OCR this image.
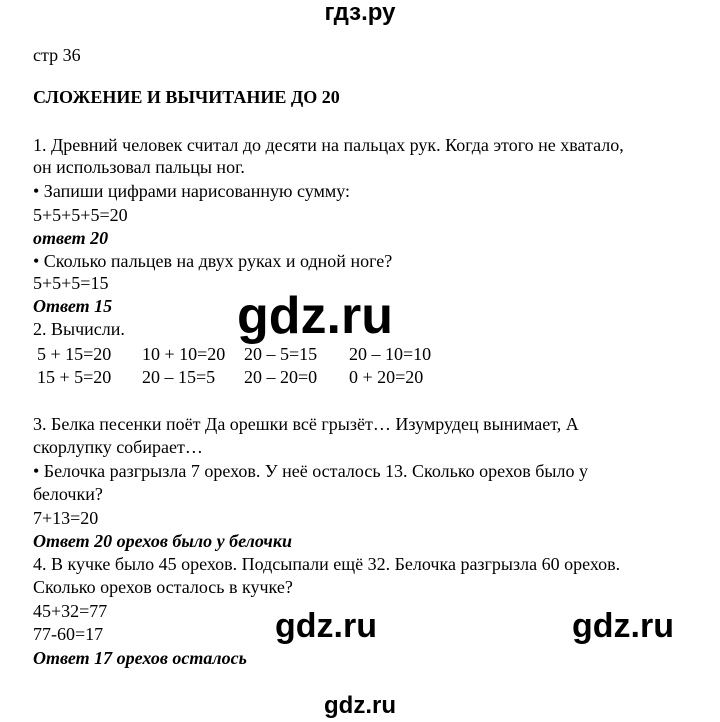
гдз.ру
стр 36
СЛОЖЕНИЕ И ВЫЧИТАНИЕ ДО 20
1. Древний человек считал до десяти на пальцах рук. Когда этого не хватало,
он использовал пальцы ног.
• Запиши цифрами нарисованную сумму:
5+5+5+5=20
ответ 20
• Сколько пальцев на двух руках и одной ноге?
5+5+5=15
Ответ 15
2. Вычисли.
5 + 15=20 10 + 10=20 20 – 5=15 20 – 10=10
15 + 5=20 20 – 15=5 20 – 20=0 0 + 20=20
3. Белка песенки поёт Да орешки всё грызёт… Изумрудец вынимает, А
скорлупку собирает…
• Белочка разгрызла 7 орехов. У неё осталось 13. Сколько орехов было у
белочки?
7+13=20
Ответ 20 орехов было у белочки
4. В кучке было 45 орехов. Подсыпали ещё 32. Белочка разгрызла 60 орехов.
Сколько орехов осталось в кучке?
45+32=77
77-60=17
Ответ 17 орехов осталось
gdz.ru
gdz.ru	gdz.ru
gdz.ru
